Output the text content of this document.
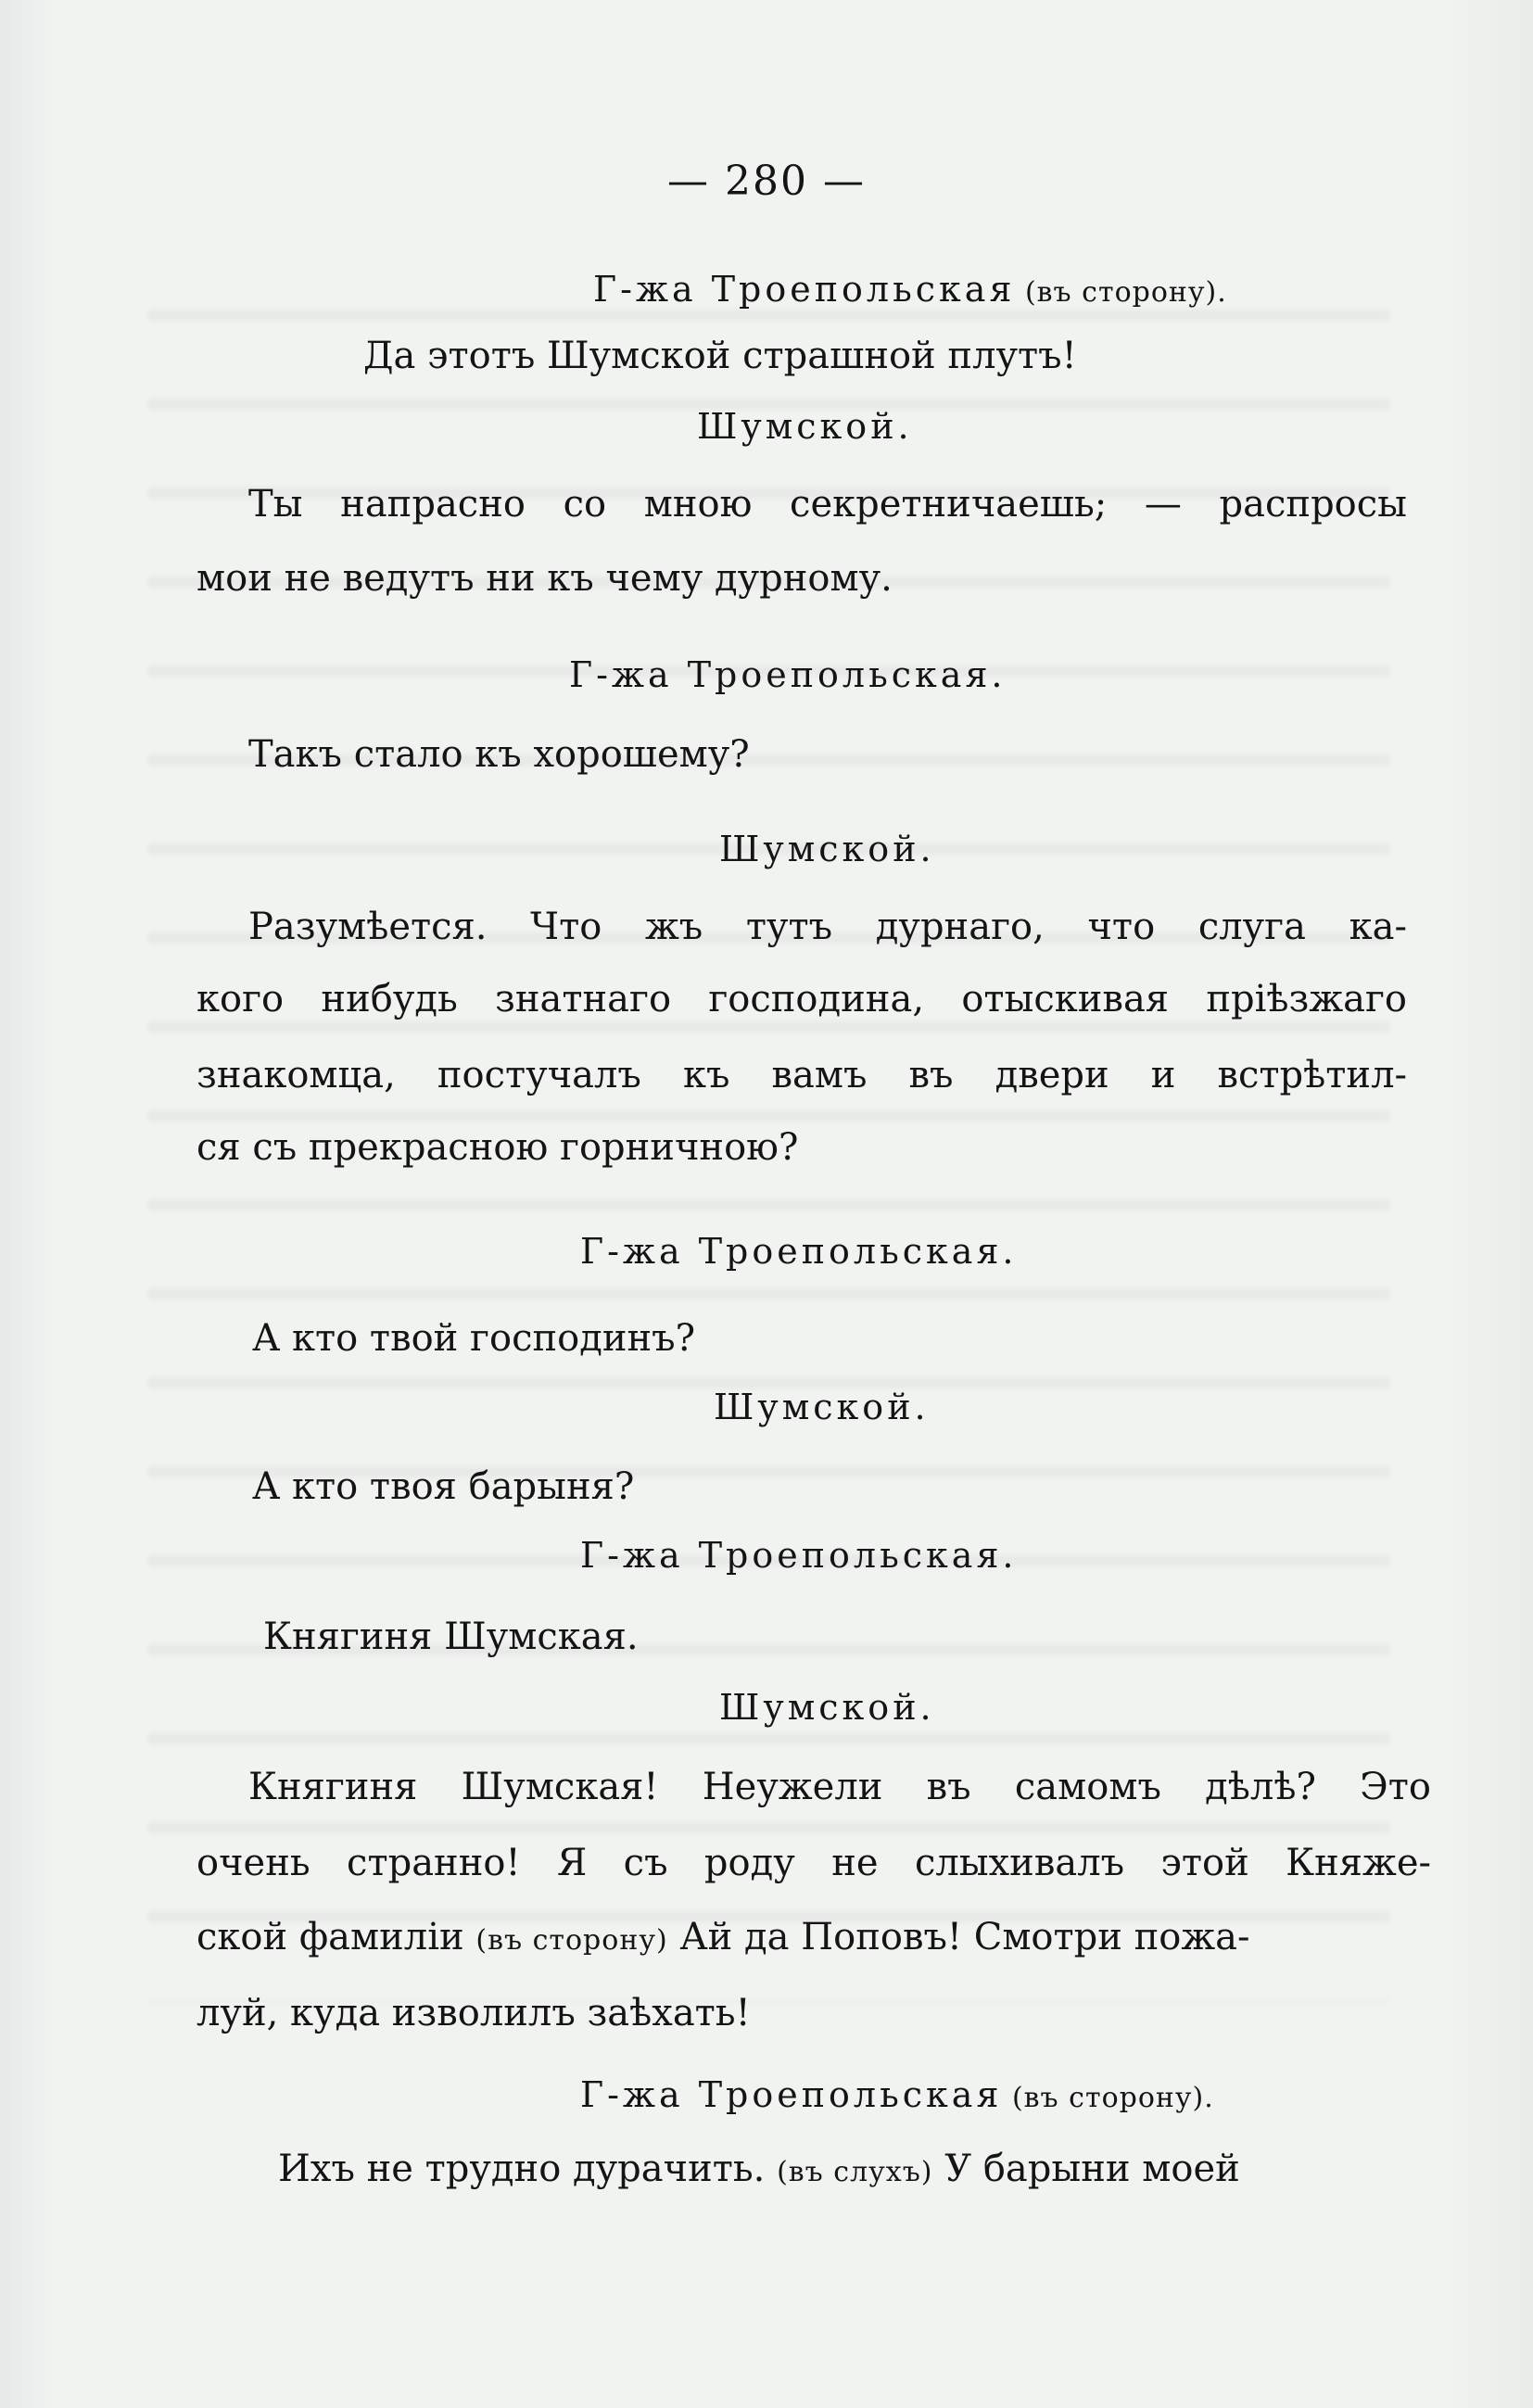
— 280 —
Г-жа Троепольская (въ сторону).
Да этотъ Шумской страшной плутъ!
Шумской.
Ты напрасно со мною секретничаешь; — распросы
мои не ведутъ ни къ чему дурному.
Г-жа Троепольская.
Такъ стало къ хорошему?
Шумской.
Разумѣется. Что жъ тутъ дурнаго, что слуга ка-
кого нибудь знатнаго господина, отыскивая пріѣзжаго
знакомца, постучалъ къ вамъ въ двери и встрѣтил-
ся съ прекрасною горничною?
Г-жа Троепольская.
А кто твой господинъ?
Шумской.
А кто твоя барыня?
Г-жа Троепольская.
Княгиня Шумская.
Шумской.
Княгиня Шумская! Неужели въ самомъ дѣлѣ? Это
очень странно! Я съ роду не слыхивалъ этой Княже-
ской фамиліи (въ сторону) Ай да Поповъ! Смотри пожа-
луй, куда изволилъ заѣхать!
Г-жа Троепольская (въ сторону).
Ихъ не трудно дурачить. (въ слухъ) У барыни моей
